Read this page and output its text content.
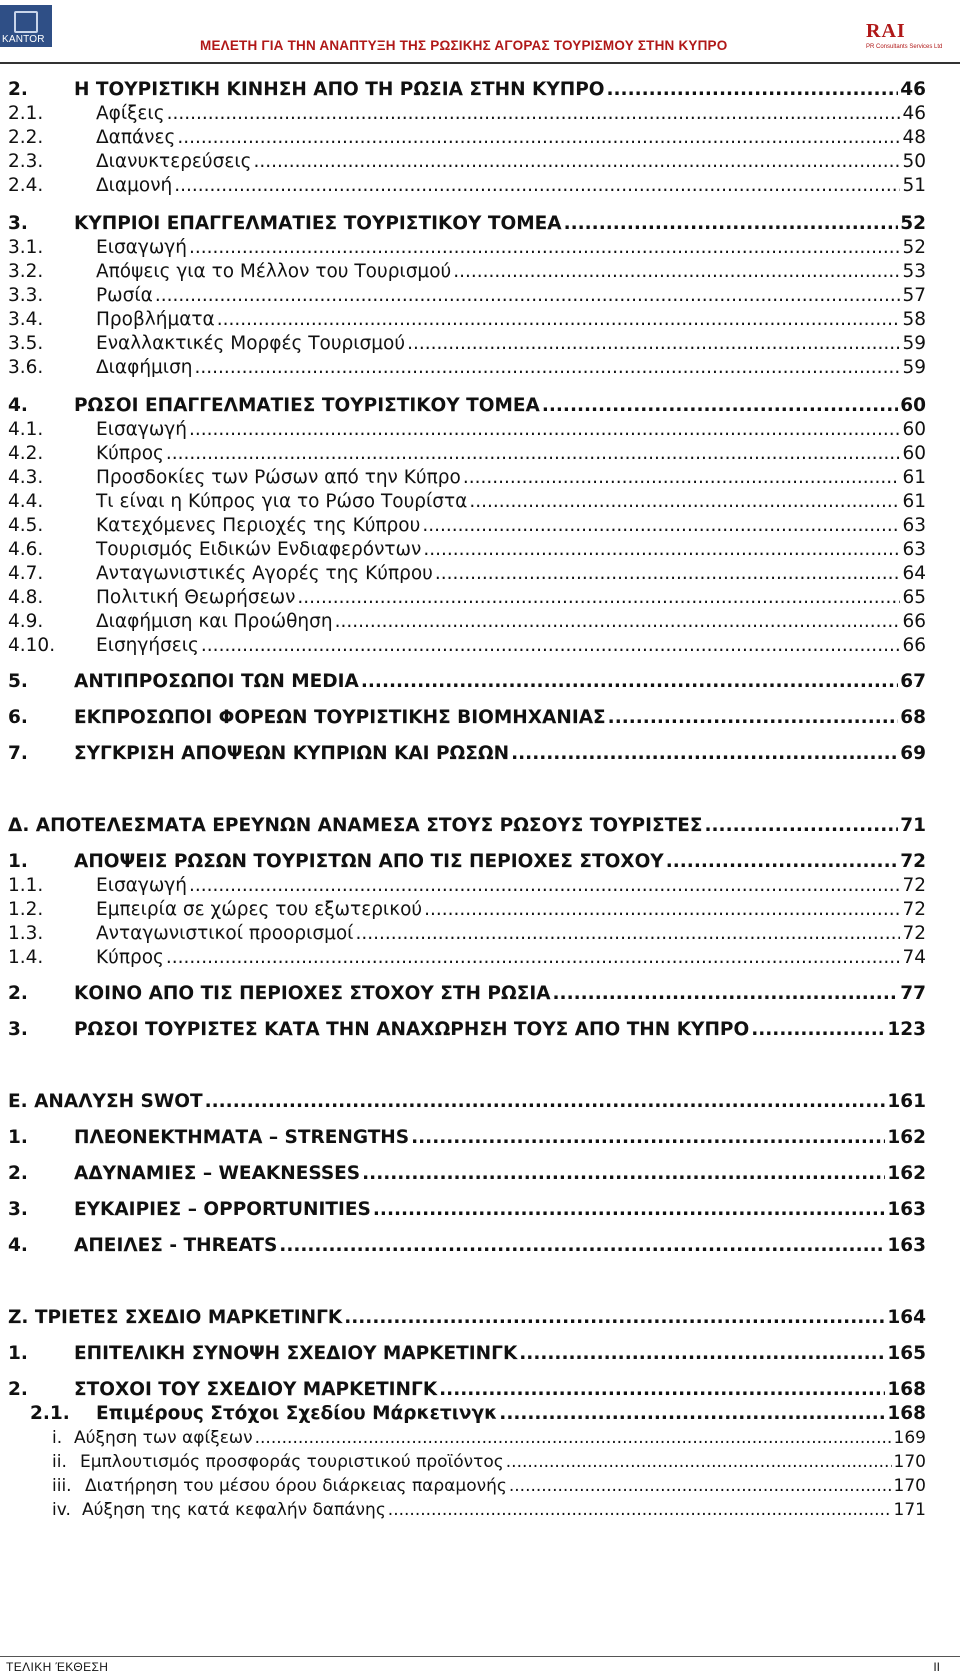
KANTOR	ΜΕΛΕΤΗ ΓΙΑ ΤΗΝ ΑΝΑΠΤΥΞΗ ΤΗΣ ΡΩΣΙΚΗΣ ΑΓΟΡΑΣ ΤΟΥΡΙΣΜΟΥ ΣΤΗΝ ΚΥΠΡΟ
RAI
PR Consultants Services Ltd
2.	Η ΤΟΥΡΙΣΤΙΚΗ ΚΙΝΗΣΗ ΑΠΟ ΤΗ ΡΩΣΙΑ ΣΤΗΝ ΚΥΠΡΟ .....	46
2.1.	Αφίξεις .....	46
2.2.	Δαπάνες .....	48
2.3.	Διανυκτερεύσεις .....	50
2.4.	Διαμονή .....	51
3.	ΚΥΠΡΙΟΙ ΕΠΑΓΓΕΛΜΑΤΙΕΣ ΤΟΥΡΙΣΤΙΚΟΥ ΤΟΜΕΑ .....	52
3.1.	Εισαγωγή .....	52
3.2.	Απόψεις για το Μέλλον του Τουρισμού .....	53
3.3.	Ρωσία .....	57
3.4.	Προβλήματα .....	58
3.5.	Εναλλακτικές Μορφές Τουρισμού .....	59
3.6.	Διαφήμιση .....	59
4.	ΡΩΣΟΙ ΕΠΑΓΓΕΛΜΑΤΙΕΣ ΤΟΥΡΙΣΤΙΚΟΥ ΤΟΜΕΑ .....	60
4.1.	Εισαγωγή .....	60
4.2.	Κύπρος .....	60
4.3.	Προσδοκίες των Ρώσων από την Κύπρο .....	61
4.4.	Τι είναι η Κύπρος για το Ρώσο Τουρίστα .....	61
4.5.	Κατεχόμενες Περιοχές της Κύπρου .....	63
4.6.	Τουρισμός Ειδικών Ενδιαφερόντων .....	63
4.7.	Ανταγωνιστικές Αγορές της Κύπρου .....	64
4.8.	Πολιτική Θεωρήσεων .....	65
4.9.	Διαφήμιση και Προώθηση .....	66
4.10.	Εισηγήσεις .....	66
5.	ΑΝΤΙΠΡΟΣΩΠΟΙ ΤΩΝ MEDIA .....	67
6.	ΕΚΠΡΟΣΩΠΟΙ ΦΟΡΕΩΝ ΤΟΥΡΙΣΤΙΚΗΣ ΒΙΟΜΗΧΑΝΙΑΣ .....	68
7.	ΣΥΓΚΡΙΣΗ ΑΠΟΨΕΩΝ ΚΥΠΡΙΩΝ ΚΑΙ ΡΩΣΩΝ .....	69
Δ. ΑΠΟΤΕΛΕΣΜΑΤΑ ΕΡΕΥΝΩΝ ΑΝΑΜΕΣΑ ΣΤΟΥΣ ΡΩΣΟΥΣ ΤΟΥΡΙΣΤΕΣ .....	71
1.	ΑΠΟΨΕΙΣ ΡΩΣΩΝ ΤΟΥΡΙΣΤΩΝ ΑΠΟ ΤΙΣ ΠΕΡΙΟΧΕΣ ΣΤΟΧΟΥ .....	72
1.1.	Εισαγωγή .....	72
1.2.	Εμπειρία σε χώρες του εξωτερικού .....	72
1.3.	Ανταγωνιστικοί προορισμοί .....	72
1.4.	Κύπρος .....	74
2.	ΚΟΙΝΟ ΑΠΟ ΤΙΣ ΠΕΡΙΟΧΕΣ ΣΤΟΧΟΥ ΣΤΗ ΡΩΣΙΑ .....	77
3.	ΡΩΣΟΙ ΤΟΥΡΙΣΤΕΣ ΚΑΤΑ ΤΗΝ ΑΝΑΧΩΡΗΣΗ ΤΟΥΣ ΑΠΟ ΤΗΝ ΚΥΠΡΟ .....	123
Ε. ΑΝΑΛΥΣΗ SWOT .....	161
1.	ΠΛΕΟΝΕΚΤΗΜΑΤΑ – STRENGTHS .....	162
2.	ΑΔΥΝΑΜΙΕΣ – WEAKNESSES .....	162
3.	ΕΥΚΑΙΡΙΕΣ – OPPORTUNITIES .....	163
4.	ΑΠΕΙΛΕΣ - THREATS .....	163
Ζ. ΤΡΙΕΤΕΣ ΣΧΕΔΙΟ ΜΑΡΚΕΤΙΝΓΚ .....	164
1.	ΕΠΙΤΕΛΙΚΗ ΣΥΝΟΨΗ ΣΧΕΔΙΟΥ ΜΑΡΚΕΤΙΝΓΚ .....	165
2.	ΣΤΟΧΟΙ ΤΟΥ ΣΧΕΔΙΟΥ ΜΑΡΚΕΤΙΝΓΚ .....	168
2.1.	Επιμέρους Στόχοι Σχεδίου Μάρκετινγκ .....	168
i. Αύξηση των αφίξεων .....	169
ii. Εμπλουτισμός προσφοράς τουριστικού προϊόντος .....	170
iii. Διατήρηση του μέσου όρου διάρκειας παραμονής .....	170
iv. Αύξηση της κατά κεφαλήν δαπάνης .....	171
ΤΕΛΙΚΗ ΈΚΘΕΣΗ	II
